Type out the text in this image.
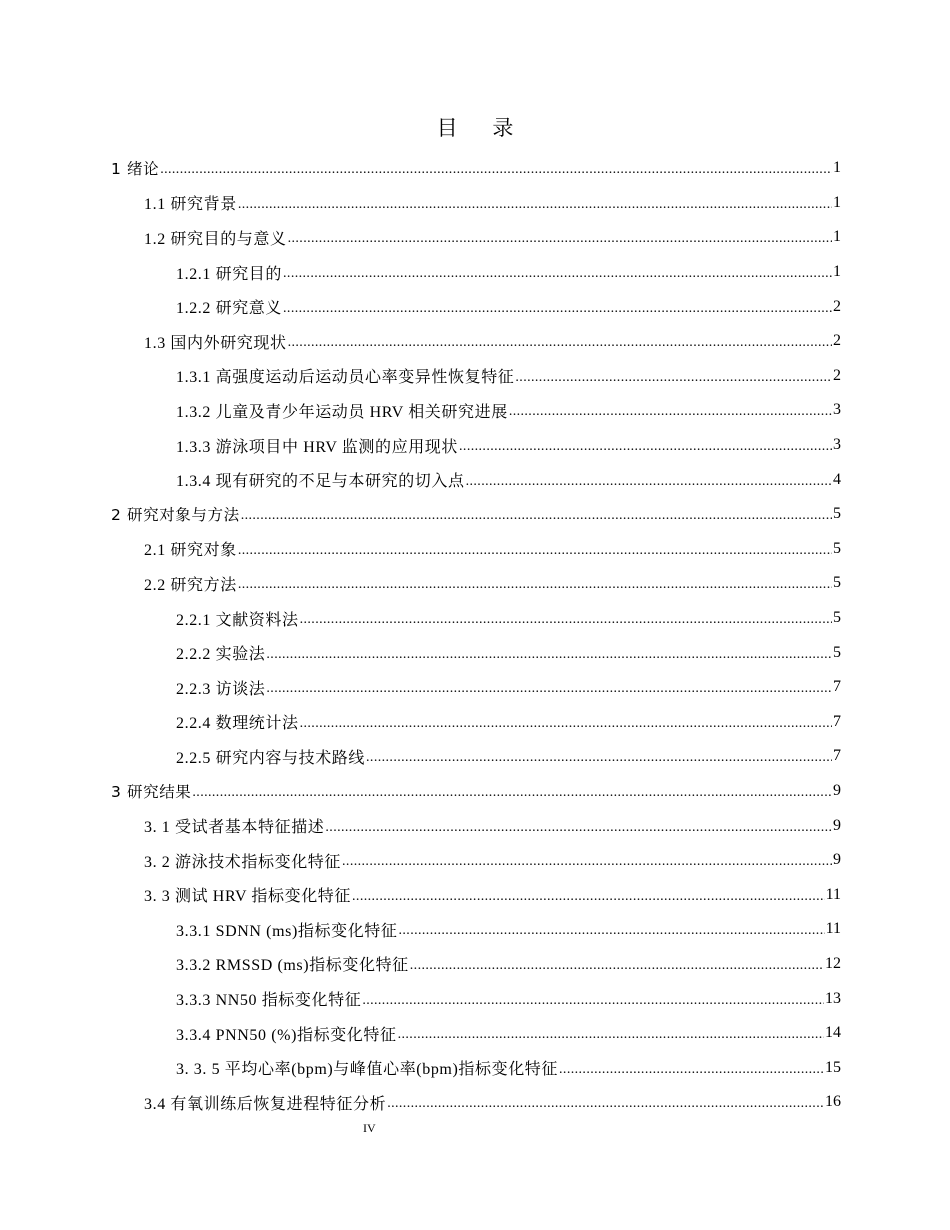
目 录
1 绪论 .....	1
1.1 研究背景 .....	1
1.2 研究目的与意义 .....	1
1.2.1 研究目的 .....	1
1.2.2 研究意义 .....	2
1.3 国内外研究现状 .....	2
1.3.1 高强度运动后运动员心率变异性恢复特征 .....	2
1.3.2 儿童及青少年运动员 HRV 相关研究进展 .....	3
1.3.3 游泳项目中 HRV 监测的应用现状 .....	3
1.3.4 现有研究的不足与本研究的切入点 .....	4
2 研究对象与方法 .....	5
2.1 研究对象 .....	5
2.2 研究方法 .....	5
2.2.1 文献资料法 .....	5
2.2.2 实验法 .....	5
2.2.3 访谈法 .....	7
2.2.4 数理统计法 .....	7
2.2.5 研究内容与技术路线 .....	7
3 研究结果 .....	9
3. 1 受试者基本特征描述 .....	9
3. 2 游泳技术指标变化特征 .....	9
3. 3 测试 HRV 指标变化特征 .....	11
3.3.1 SDNN (ms)指标变化特征 .....	11
3.3.2 RMSSD (ms)指标变化特征 .....	12
3.3.3 NN50 指标变化特征 .....	13
3.3.4 PNN50 (%)指标变化特征 .....	14
3. 3. 5 平均心率(bpm)与峰值心率(bpm)指标变化特征 .....	15
3.4 有氧训练后恢复进程特征分析 .....	16
IV
